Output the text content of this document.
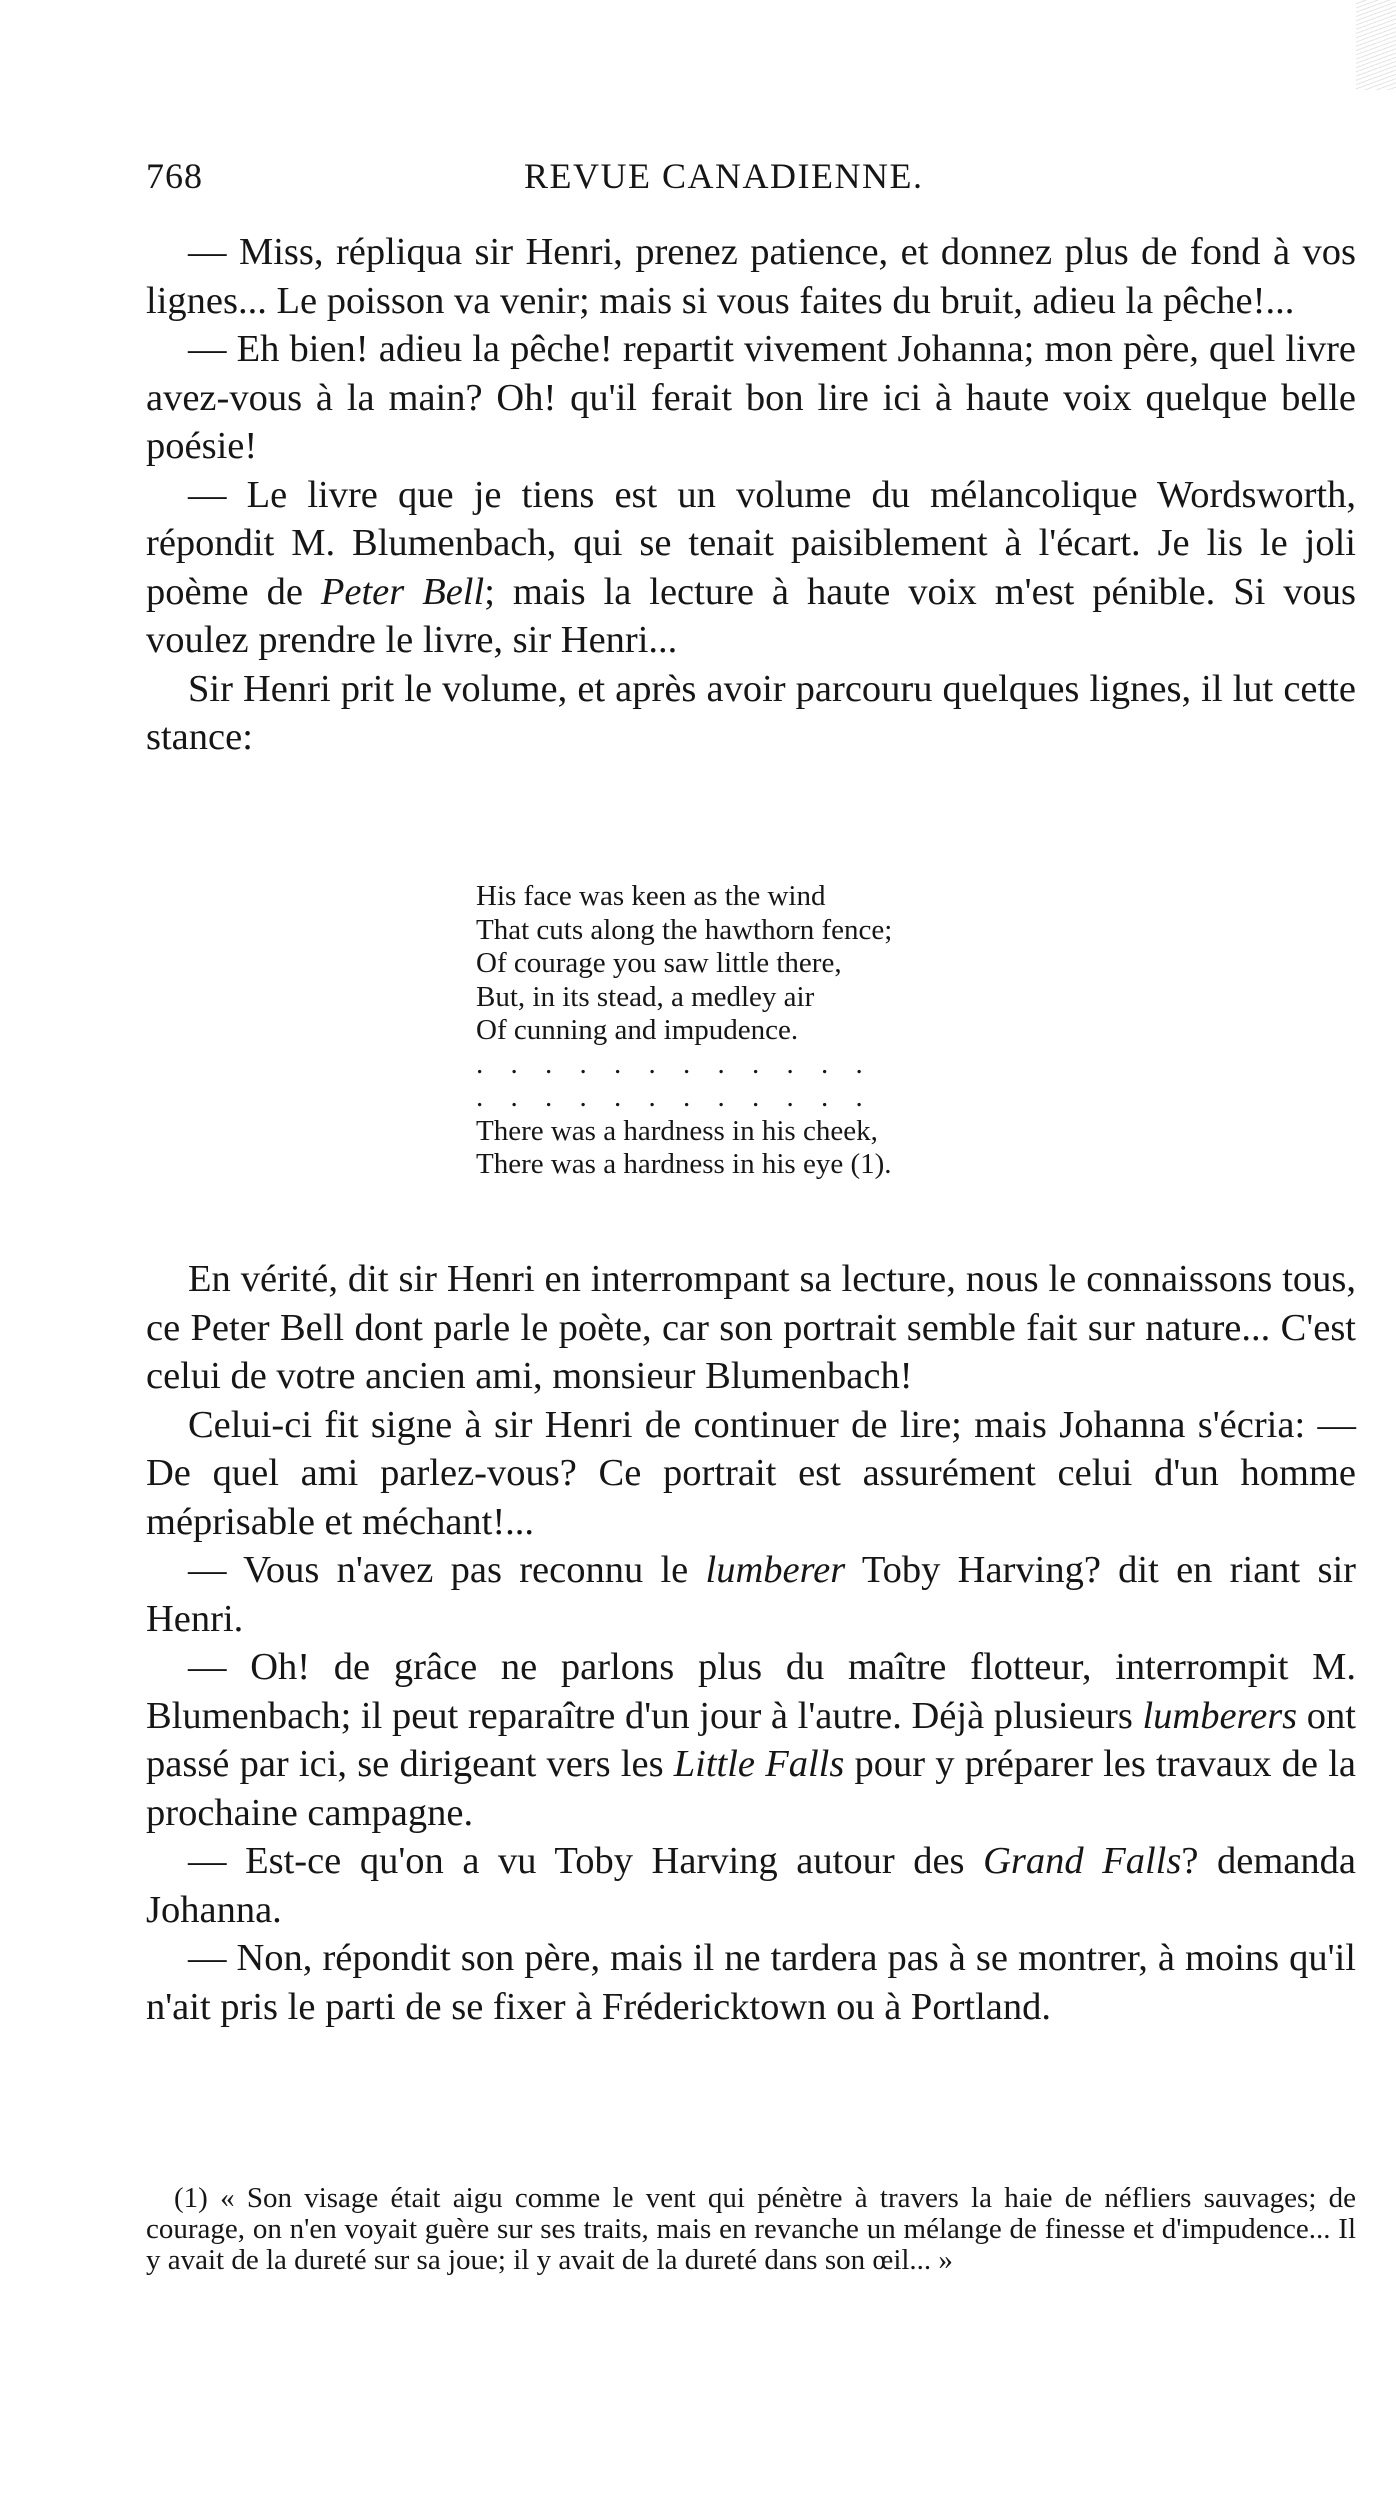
768	REVUE CANADIENNE.

— Miss, répliqua sir Henri, prenez patience, et donnez plus de fond à vos lignes... Le poisson va venir; mais si vous faites du bruit, adieu la pêche!...

— Eh bien! adieu la pêche! repartit vivement Johanna; mon père, quel livre avez-vous à la main? Oh! qu'il ferait bon lire ici à haute voix quelque belle poésie!

— Le livre que je tiens est un volume du mélancolique Wordsworth, répondit M. Blumenbach, qui se tenait paisiblement à l'écart. Je lis le joli poème de Peter Bell; mais la lecture à haute voix m'est pénible. Si vous voulez prendre le livre, sir Henri...

Sir Henri prit le volume, et après avoir parcouru quelques lignes, il lut cette stance:

His face was keen as the wind
That cuts along the hawthorn fence;
Of courage you saw little there,
But, in its stead, a medley air
Of cunning and impudence.
. . . . . . . . . . . .
. . . . . . . . . . . .
There was a hardness in his cheek,
There was a hardness in his eye (1).

En vérité, dit sir Henri en interrompant sa lecture, nous le connaissons tous, ce Peter Bell dont parle le poète, car son portrait semble fait sur nature... C'est celui de votre ancien ami, monsieur Blumenbach!

Celui-ci fit signe à sir Henri de continuer de lire; mais Johanna s'écria: — De quel ami parlez-vous? Ce portrait est assurément celui d'un homme méprisable et méchant!...

— Vous n'avez pas reconnu le lumberer Toby Harving? dit en riant sir Henri.

— Oh! de grâce ne parlons plus du maître flotteur, interrompit M. Blumenbach; il peut reparaître d'un jour à l'autre. Déjà plusieurs lumberers ont passé par ici, se dirigeant vers les Little Falls pour y préparer les travaux de la prochaine campagne.

— Est-ce qu'on a vu Toby Harving autour des Grand Falls? demanda Johanna.

— Non, répondit son père, mais il ne tardera pas à se montrer, à moins qu'il n'ait pris le parti de se fixer à Frédericktown ou à Portland.

(1) « Son visage était aigu comme le vent qui pénètre à travers la haie de néfliers sauvages; de courage, on n'en voyait guère sur ses traits, mais en revanche un mélange de finesse et d'impudence... Il y avait de la dureté sur sa joue; il y avait de la dureté dans son œil... »
